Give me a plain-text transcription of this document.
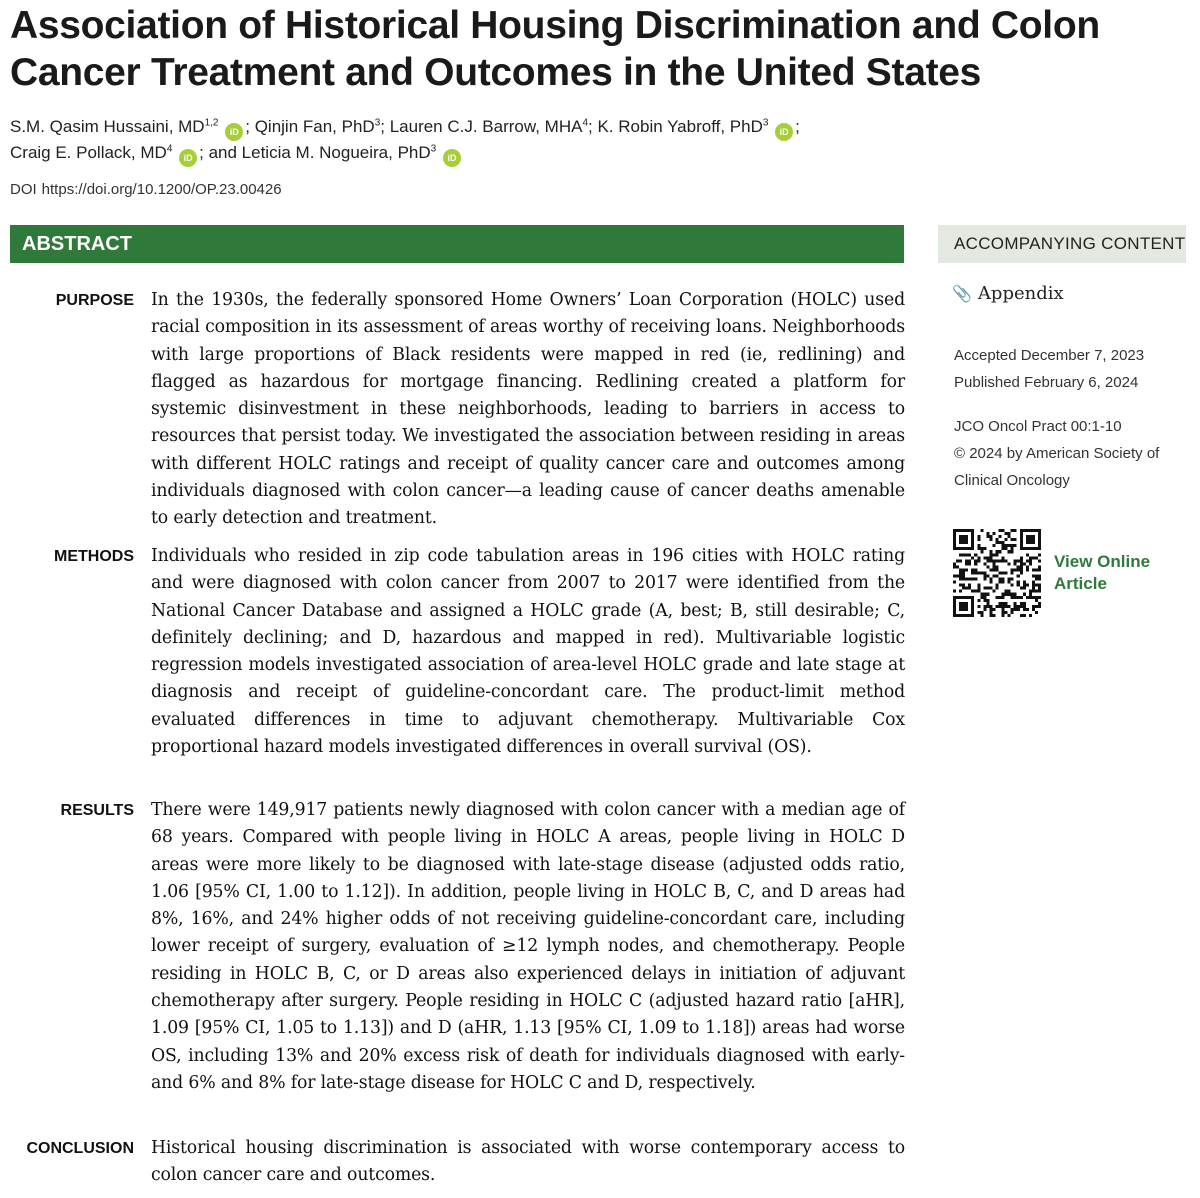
Association of Historical Housing Discrimination and Colon
Cancer Treatment and Outcomes in the United States
S.M. Qasim Hussaini, MD$^{1,2}$ iD ; Qinjin Fan, PhD$^3$; Lauren C.J. Barrow, MHA$^4$; K. Robin Yabroff, PhD$^3$ iD ;
Craig E. Pollack, $MD^4$ iD ; and Leticia M. Nogueira, PhD$^3$ iD
DOI https://doi.org/10.1200/OP.23.00426
ABSTRACT
PURPOSE In the 1930s, the federally sponsored Home Owners’ Loan Corporation (HOLC) used racial composition in its assessment of areas worthy of receiving loans. Neighborhoods with large proportions of Black residents were mapped in red (ie, redlining) and flagged as hazardous for mortgage financing. Redlining created a platform for systemic disinvestment in these neighborhoods, leading to barriers in access to resources that persist today. We investigated the association between residing in areas with different HOLC ratings and receipt of quality cancer care and outcomes among individuals diagnosed with colon cancer—a leading cause of cancer deaths amenable to early detection and treatment.
METHODS Individuals who resided in zip code tabulation areas in 196 cities with HOLC rating and were diagnosed with colon cancer from 2007 to 2017 were identified from the National Cancer Database and assigned a HOLC grade (A, best; B, still desirable; C, definitely declining; and D, hazardous and mapped in red). Multivariable logistic regression models investigated association of area-level HOLC grade and late stage at diagnosis and receipt of guideline-concordant care. The product-limit method evaluated differences in time to adjuvant chemotherapy. Multivariable Cox proportional hazard models investigated differences in overall survival (OS).
RESULTS There were 149,917 patients newly diagnosed with colon cancer with a median age of 68 years. Compared with people living in HOLC A areas, people living in HOLC D areas were more likely to be diagnosed with late-stage disease (adjusted odds ratio, 1.06 [95% CI, 1.00 to 1.12]). In addition, people living in HOLC B, C, and D areas had 8%, 16%, and 24% higher odds of not receiving guideline-concordant care, including lower receipt of surgery, evaluation of ≥12 lymph nodes, and chemotherapy. People residing in HOLC B, C, or D areas also experienced delays in initiation of adjuvant chemotherapy after surgery. People residing in HOLC C (adjusted hazard ratio [aHR], 1.09 [95% CI, 1.05 to 1.13]) and D (aHR, 1.13 [95% CI, 1.09 to 1.18]) areas had worse OS, including 13% and 20% excess risk of death for individuals diagnosed with early- and 6% and 8% for late-stage disease for HOLC C and D, respectively.
CONCLUSION Historical housing discrimination is associated with worse contemporary access to colon cancer care and outcomes.
ACCOMPANYING CONTENT
📎 Appendix
Accepted December 7, 2023
Published February 6, 2024
JCO Oncol Pract 00:1-10
© 2024 by American Society of Clinical Oncology
View Online
Article
